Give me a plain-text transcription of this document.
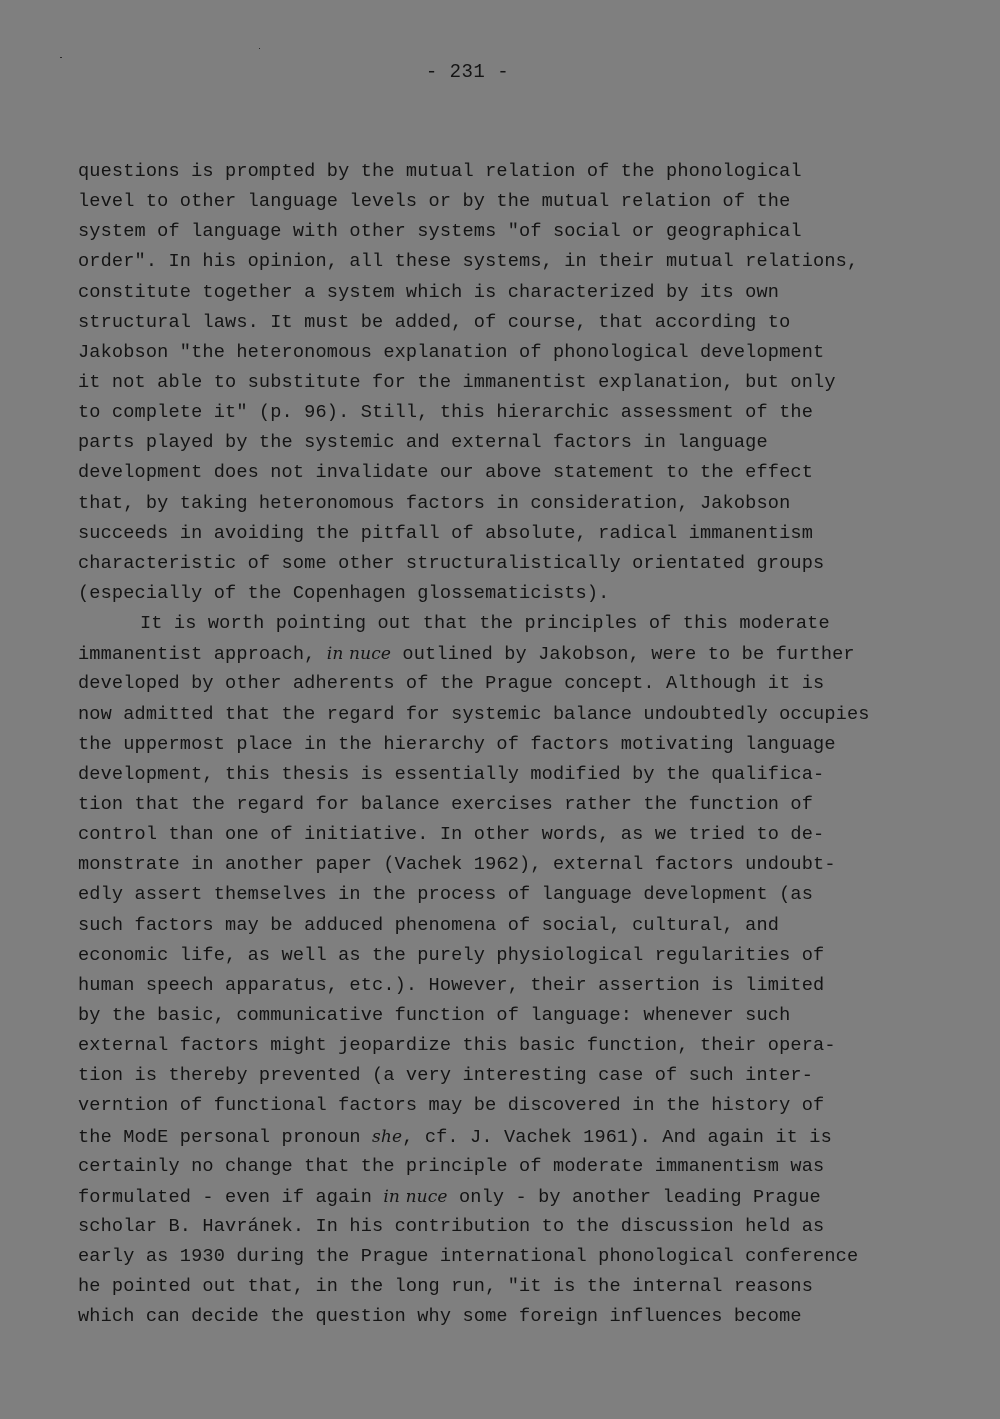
- 231 -
questions is prompted by the mutual relation of the phonological
level to other language levels or by the mutual relation of the
system of language with other systems "of social or geographical
order". In his opinion, all these systems, in their mutual relations,
constitute together a system which is characterized by its own
structural laws. It must be added, of course, that according to
Jakobson "the heteronomous explanation of phonological development
it not able to substitute for the immanentist explanation, but only
to complete it" (p. 96). Still, this hierarchic assessment of the
parts played by the systemic and external factors in language
development does not invalidate our above statement to the effect
that, by taking heteronomous factors in consideration, Jakobson
succeeds in avoiding the pitfall of absolute, radical immanentism
characteristic of some other structuralistically orientated groups
(especially of the Copenhagen glossematicists).
It is worth pointing out that the principles of this moderate
immanentist approach, in nuce outlined by Jakobson, were to be further
developed by other adherents of the Prague concept. Although it is
now admitted that the regard for systemic balance undoubtedly occupies
the uppermost place in the hierarchy of factors motivating language
development, this thesis is essentially modified by the qualifica-
tion that the regard for balance exercises rather the function of
control than one of initiative. In other words, as we tried to de-
monstrate in another paper (Vachek 1962), external factors undoubt-
edly assert themselves in the process of language development (as
such factors may be adduced phenomena of social, cultural, and
economic life, as well as the purely physiological regularities of
human speech apparatus, etc.). However, their assertion is limited
by the basic, communicative function of language: whenever such
external factors might jeopardize this basic function, their opera-
tion is thereby prevented (a very interesting case of such inter-
verntion of functional factors may be discovered in the history of
the ModE personal pronoun she, cf. J. Vachek 1961). And again it is
certainly no change that the principle of moderate immanentism was
formulated - even if again in nuce only - by another leading Prague
scholar B. Havránek. In his contribution to the discussion held as
early as 1930 during the Prague international phonological conference
he pointed out that, in the long run, "it is the internal reasons
which can decide the question why some foreign influences become
